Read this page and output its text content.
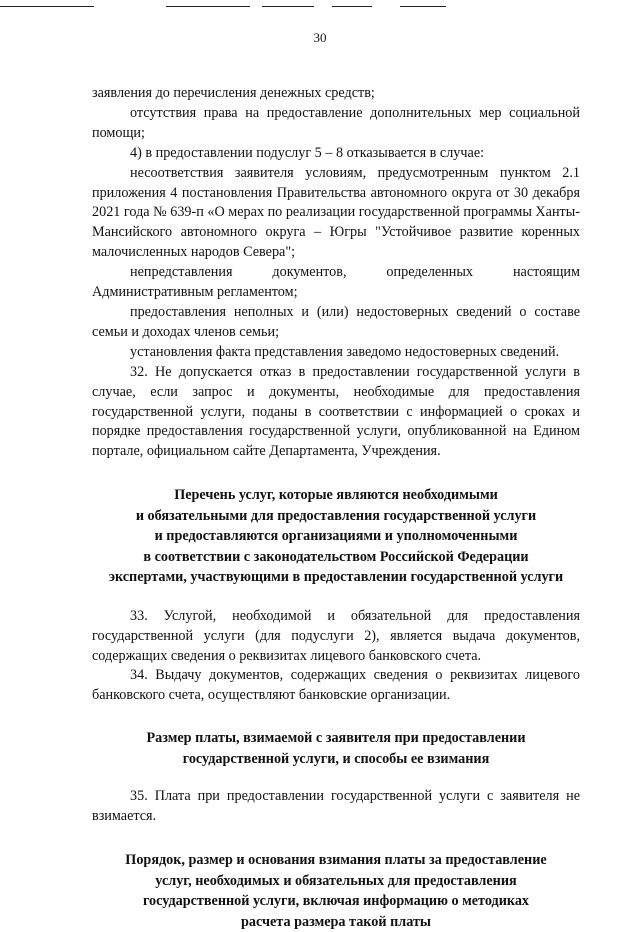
30

заявления до перечисления денежных средств;

отсутствия права на предоставление дополнительных мер социальной помощи;

4) в предоставлении подуслуг 5 – 8 отказывается в случае:

несоответствия заявителя условиям, предусмотренным пунктом 2.1 приложения 4 постановления Правительства автономного округа от 30 декабря 2021 года № 639-п «О мерах по реализации государственной программы Ханты-Мансийского автономного округа – Югры "Устойчивое развитие коренных малочисленных народов Севера";

непредставления документов, определенных настоящим Административным регламентом;

предоставления неполных и (или) недостоверных сведений о составе семьи и доходах членов семьи;

установления факта представления заведомо недостоверных сведений.

32. Не допускается отказ в предоставлении государственной услуги в случае, если запрос и документы, необходимые для предоставления государственной услуги, поданы в соответствии с информацией о сроках и порядке предоставления государственной услуги, опубликованной на Едином портале, официальном сайте Департамента, Учреждения.

Перечень услуг, которые являются необходимыми
и обязательными для предоставления государственной услуги
и предоставляются организациями и уполномоченными
в соответствии с законодательством Российской Федерации
экспертами, участвующими в предоставлении государственной услуги

33. Услугой, необходимой и обязательной для предоставления государственной услуги (для подуслуги 2), является выдача документов, содержащих сведения о реквизитах лицевого банковского счета.

34. Выдачу документов, содержащих сведения о реквизитах лицевого банковского счета, осуществляют банковские организации.

Размер платы, взимаемой с заявителя при предоставлении
государственной услуги, и способы ее взимания

35. Плата при предоставлении государственной услуги с заявителя не взимается.

Порядок, размер и основания взимания платы за предоставление
услуг, необходимых и обязательных для предоставления
государственной услуги, включая информацию о методиках
расчета размера такой платы
